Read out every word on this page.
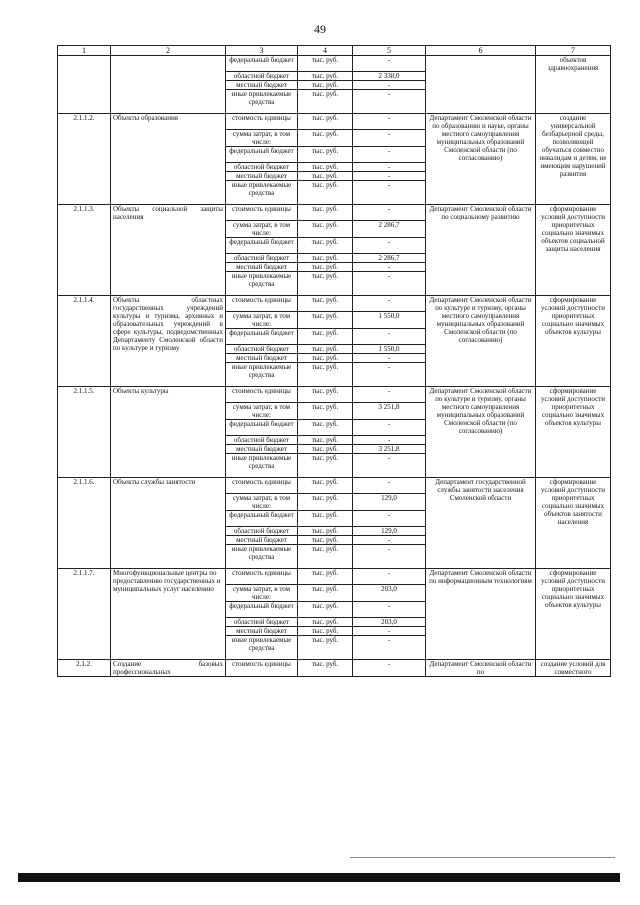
49
1	2	3	4	5	6	7
		федеральный бюджет	тыс. руб.	-		объектов здравоохранения
		областной бюджет	тыс. руб.	2 338,0		
		местный бюджет	тыс. руб.	-		
		иные привлекаемые средства	тыс. руб.	-		
2.1.1.2.	Объекты образования	стоимость единицы	тыс. руб.	-	Департамент Смоленской области по образованию и науке, органы местного самоуправления муниципальных образований Смоленской области (по согласованию)	создание универсальной безбарьерной среды, позволяющей обучаться совместно инвалидам и детям, не имеющим нарушений развития
		сумма затрат, в том числе:	тыс. руб.	-		
		федеральный бюджет	тыс. руб.	-		
		областной бюджет	тыс. руб.	-		
		местный бюджет	тыс. руб.	-		
		иные привлекаемые средства	тыс. руб.	-		
2.1.1.3.	Объекты социальной защиты населения	стоимость единицы	тыс. руб.	-	Департамент Смоленской области по социальному развитию	сформирование условий доступности приоритетных социально значимых объектов социальной защиты населения
		сумма затрат, в том числе:	тыс. руб.	2 286,7		
		федеральный бюджет	тыс. руб.	-		
		областной бюджет	тыс. руб.	2 286,7		
		местный бюджет	тыс. руб.	-		
		иные привлекаемые средства	тыс. руб.	-		
2.1.1.4.	Объекты областных государственных учреждений культуры и туризма, архивных и образовательных учреждений в сфере культуры, подведомственных Департаменту Смоленской области по культуре и туризму	стоимость единицы	тыс. руб.	-	Департамент Смоленской области по культуре и туризму, органы местного самоуправления муниципальных образований Смоленской области (по согласованию)	сформирование условий доступности приоритетных социально значимых объектов культуры
		сумма затрат, в том числе:	тыс. руб.	1 550,0		
		федеральный бюджет	тыс. руб.	-		
		областной бюджет	тыс. руб.	1 550,0		
		местный бюджет	тыс. руб.	-		
		иные привлекаемые средства	тыс. руб.	-		
2.1.1.5.	Объекты культуры	стоимость единицы	тыс. руб.	-	Департамент Смоленской области по культуре и туризму, органы местного самоуправления муниципальных образований Смоленской области (по согласованию)	сформирование условий доступности приоритетных социально значимых объектов культуры
		сумма затрат, в том числе:	тыс. руб.	3 251,8		
		федеральный бюджет	тыс. руб.	-		
		областной бюджет	тыс. руб.	-		
		местный бюджет	тыс. руб.	3 251,8		
		иные привлекаемые средства	тыс. руб.	-		
2.1.1.6.	Объекты службы занятости	стоимость единицы	тыс. руб.	-	Департамент государственной службы занятости населения Смоленской области	сформирование условий доступности приоритетных социально значимых объектов занятости населения
		сумма затрат, в том числе:	тыс. руб.	129,0		
		федеральный бюджет	тыс. руб.	-		
		областной бюджет	тыс. руб.	129,0		
		местный бюджет	тыс. руб.	-		
		иные привлекаемые средства	тыс. руб.	-		
2.1.1.7.	Многофункциональные центры по предоставлению государственных и муниципальных услуг населению	стоимость единицы	тыс. руб.	-	Департамент Смоленской области по информационным технологиям	сформирование условий доступности приоритетных социально значимых объектов культуры
		сумма затрат, в том числе:	тыс. руб.	203,0		
		федеральный бюджет	тыс. руб.	-		
		областной бюджет	тыс. руб.	203,0		
		местный бюджет	тыс. руб.	-		
		иные привлекаемые средства	тыс. руб.	-		
2.1.2.	Создание базовых профессиональных	стоимость единицы	тыс. руб.	-	Департамент Смоленской области по	создание условий для совместного
